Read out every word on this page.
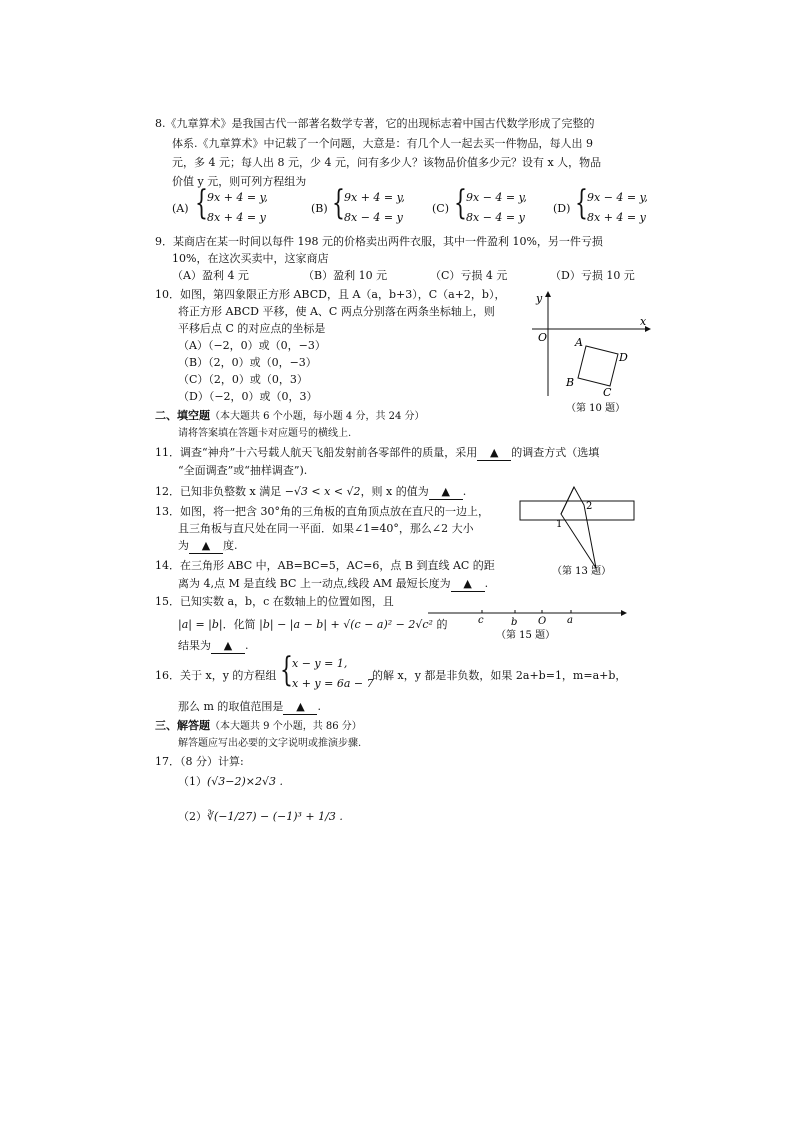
8.《九章算术》是我国古代一部著名数学专著，它的出现标志着中国古代数学形成了完整的
体系.《九章算术》中记载了一个问题，大意是：有几个人一起去买一件物品，每人出 9
元，多 4 元；每人出 8 元，少 4 元，问有多少人？该物品价值多少元？设有 x 人，物品
价值 y 元，则可列方程组为
(A) { 9x + 4 = y,
8x + 4 = y
(B) { 9x + 4 = y,
8x − 4 = y
(C) { 9x − 4 = y,
8x − 4 = y
(D) { 9x − 4 = y,
8x + 4 = y
9．某商店在某一时间以每件 198 元的价格卖出两件衣服，其中一件盈利 10%，另一件亏损
10%，在这次买卖中，这家商店
（A）盈利 4 元	（B）盈利 10 元	（C）亏损 4 元	（D）亏损 10 元
10．如图，第四象限正方形 ABCD，且 A（a，b+3），C（a+2，b），
将正方形 ABCD 平移，使 A、C 两点分别落在两条坐标轴上，则
平移后点 C 的对应点的坐标是
（A）（−2，0）或（0，−3）
（B）（2，0）或（0，−3）
（C）（2，0）或（0，3）
（D）（−2，0）或（0，3）
x
y
O	A
D
B
C
（第 10 题）
二、填空题（本大题共 6 个小题，每小题 4 分，共 24 分）
请将答案填在答题卡对应题号的横线上.
11．调查“神舟”十六号载人航天飞船发射前各零部件的质量，采用 ▲ 的调查方式（选填
“全面调查”或“抽样调查”).
12．已知非负整数 x 满足 −√3 < x < √2，则 x 的值为 ▲ .
13．如图，将一把含 30°角的三角板的直角顶点放在直尺的一边上，
且三角板与直尺处在同一平面．如果∠1=40°，那么∠2 大小
为 ▲ 度.
1
2
（第 13 题）
14．在三角形 ABC 中，AB=BC=5，AC=6，点 B 到直线 AC 的距
离为 4,点 M 是直线 BC 上一动点,线段 AM 最短长度为 ▲ .
15．已知实数 a，b，c 在数轴上的位置如图，且
|a| = |b|．化简 |b| − |a − b| + √(c − a)² − 2√c² 的
结果为 ▲ .
c	b O a
（第 15 题）
16．关于 x，y 的方程组 { x − y = 1,
x + y = 6a − 7
的解 x，y 都是非负数，如果 2a+b=1，m=a+b，
那么 m 的取值范围是 ▲ .
三、解答题（本大题共 9 个小题，共 86 分）
解答题应写出必要的文字说明或推演步骤.
17．（8 分）计算:
（1）(√3−2)×2√3 .
（2）∛(−1/27) − (−1)³ + 1/3 .
